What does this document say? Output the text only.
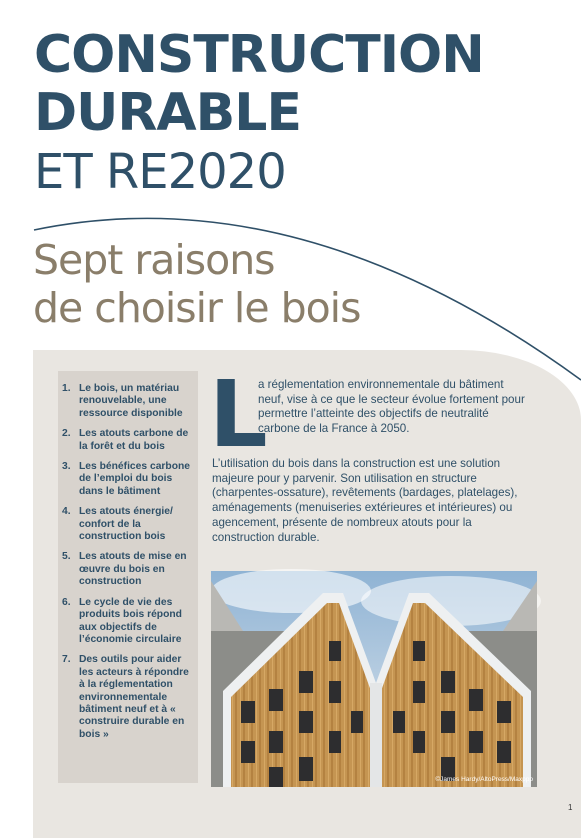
CONSTRUCTION
DURABLE
ET RE2020
Sept raisons
de choisir le bois
1. Le bois, un matériau renouvelable, une ressource disponible
2. Les atouts carbone de la forêt et du bois
3. Les bénéfices carbone de l’emploi du bois dans le bâtiment
4. Les atouts énergie/ confort de la construction bois
5. Les atouts de mise en œuvre du bois en construction
6. Le cycle de vie des produits bois répond aux objectifs de l’économie circulaire
7. Des outils pour aider les acteurs à répondre à la réglementation environnementale bâtiment neuf et à « construire durable en bois »
L

a réglementation environnementale du bâtiment neuf, vise à ce que le secteur évolue fortement pour permettre l’atteinte des objectifs de neutralité carbone de la France à 2050.

L’utilisation du bois dans la construction est une solution majeure pour y parvenir. Son utilisation en structure (charpentes-ossature), revêtements (bardages, platelages), aménagements (menuiseries extérieures et intérieures) ou agencement, présente de nombreux atouts pour la construction durable.

©James Hardy/AltoPress/Maxppp
1
